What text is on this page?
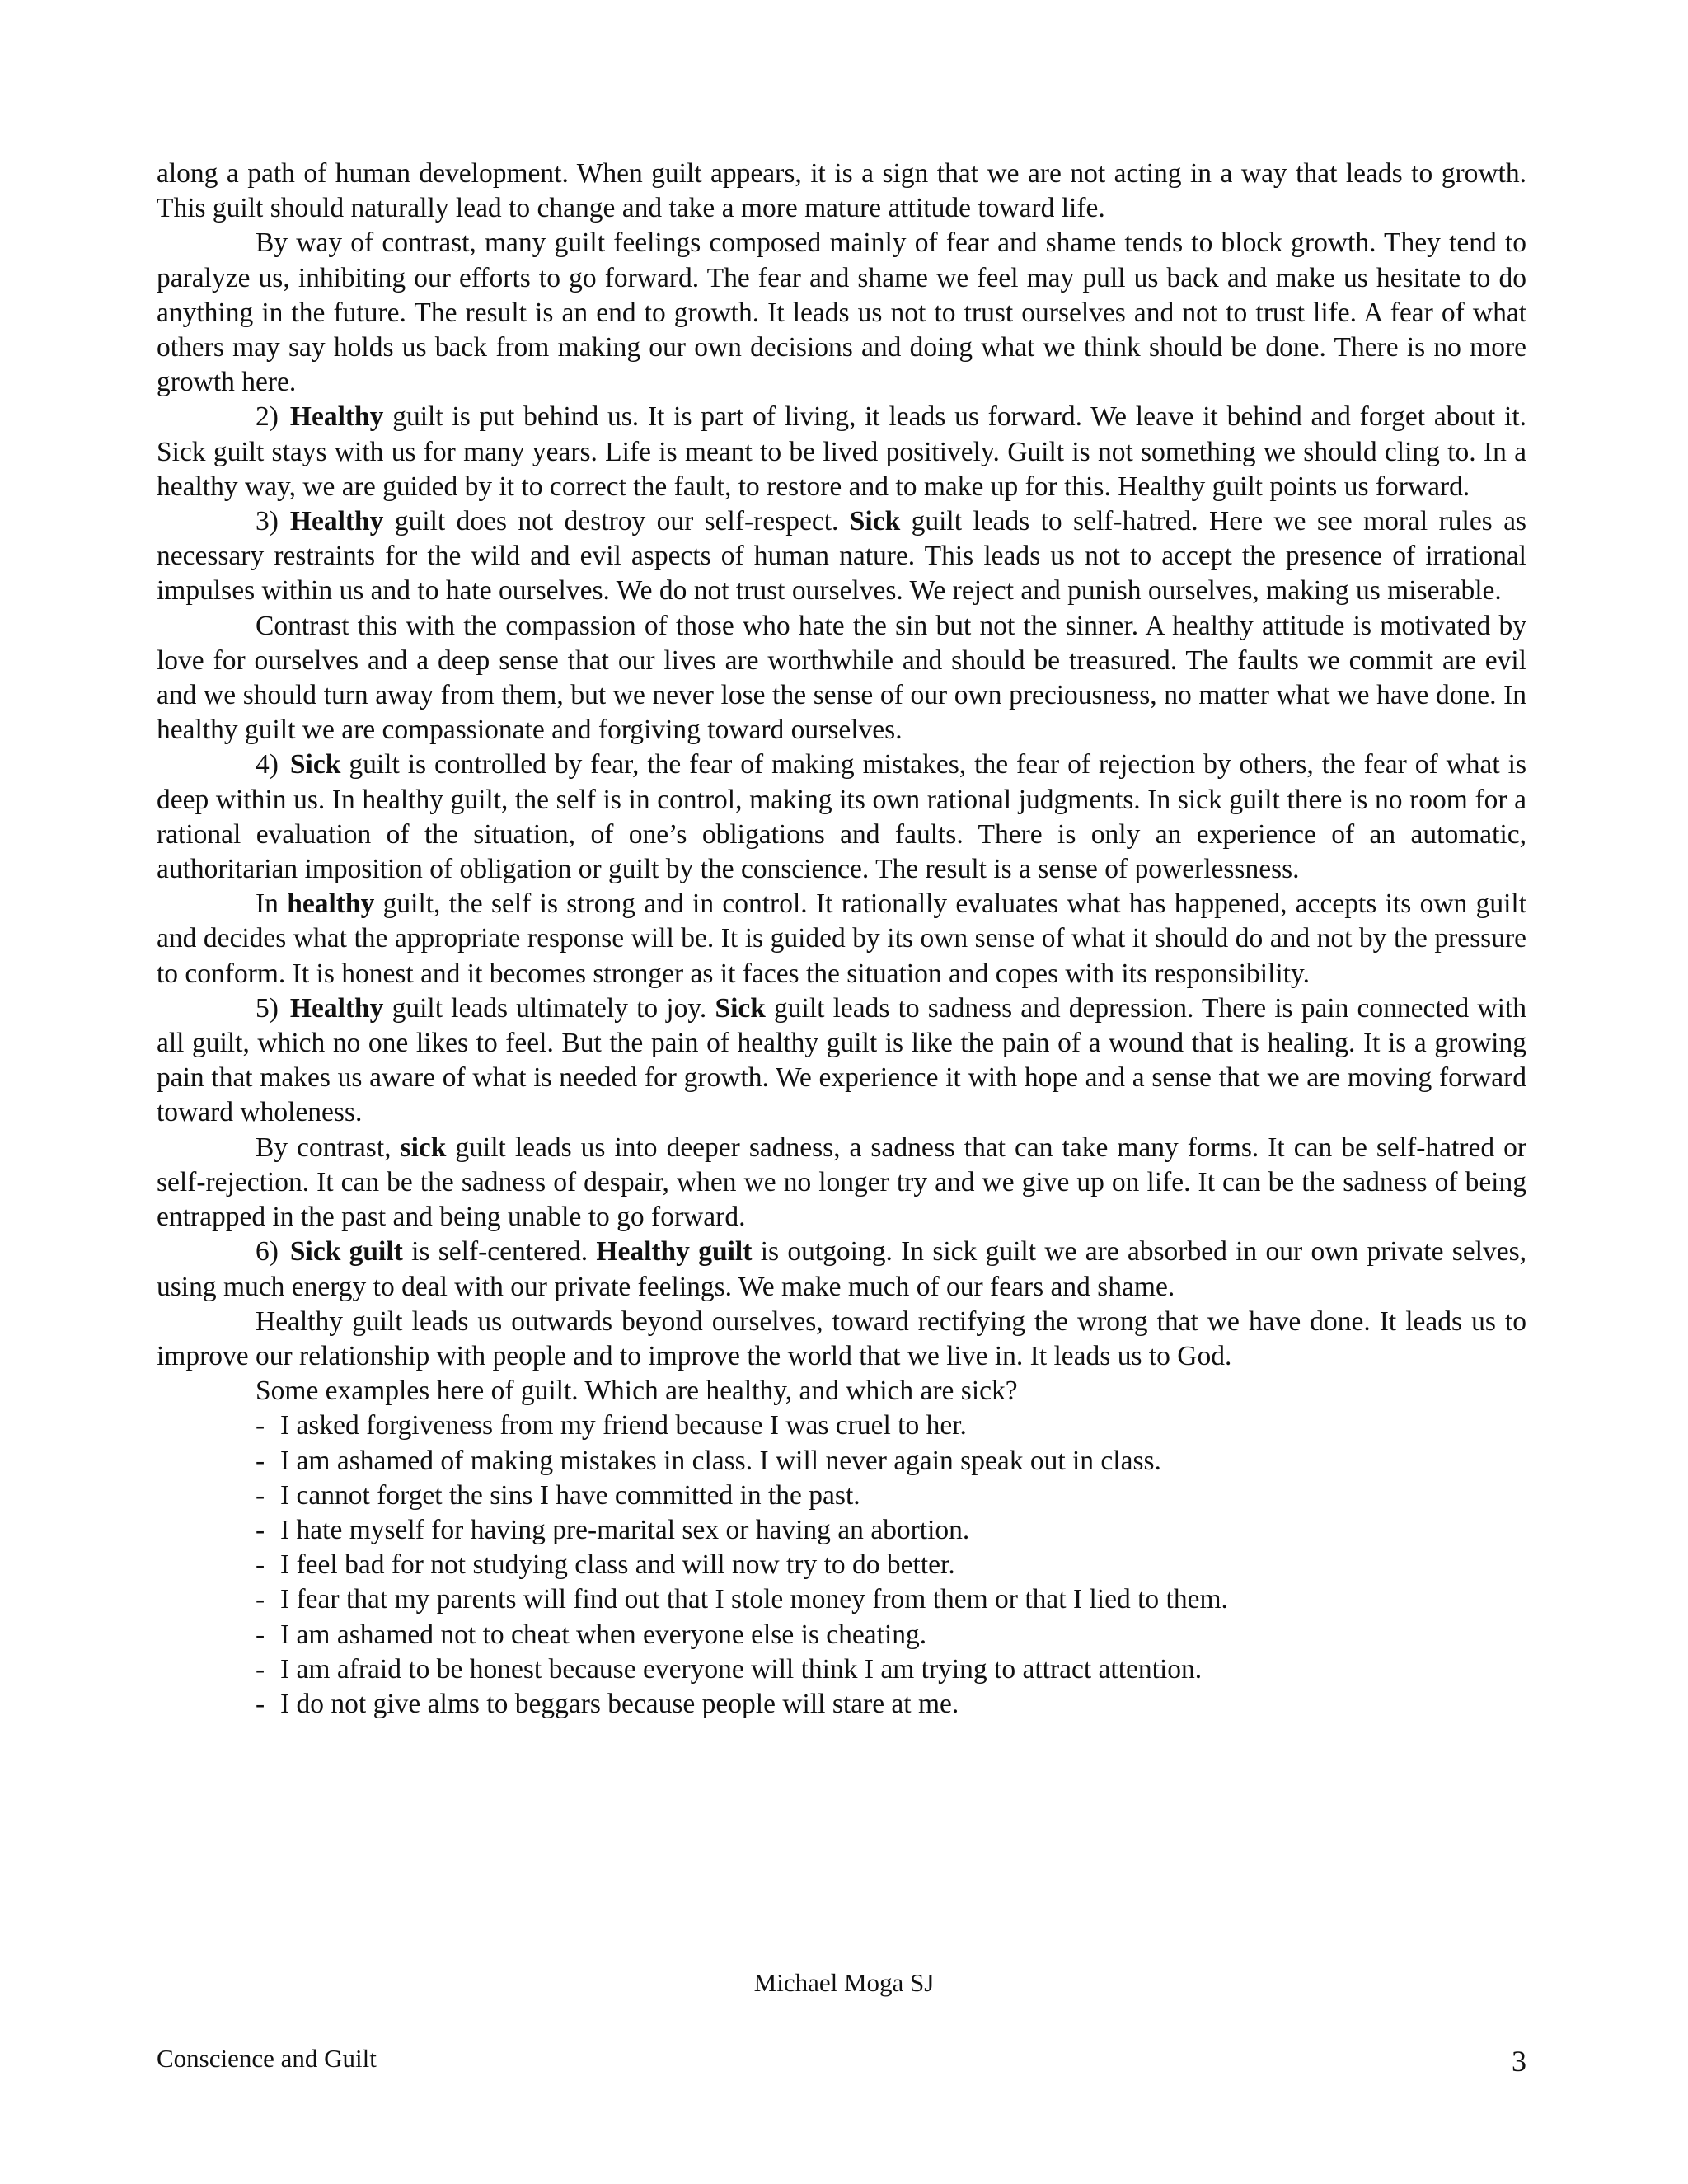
along a path of human development. When guilt appears, it is a sign that we are not acting in a way that leads to growth. This guilt should naturally lead to change and take a more mature attitude toward life.

By way of contrast, many guilt feelings composed mainly of fear and shame tends to block growth. They tend to paralyze us, inhibiting our efforts to go forward. The fear and shame we feel may pull us back and make us hesitate to do anything in the future. The result is an end to growth. It leads us not to trust ourselves and not to trust life. A fear of what others may say holds us back from making our own decisions and doing what we think should be done. There is no more growth here.

2) Healthy guilt is put behind us. It is part of living, it leads us forward. We leave it behind and forget about it. Sick guilt stays with us for many years. Life is meant to be lived positively. Guilt is not something we should cling to. In a healthy way, we are guided by it to correct the fault, to restore and to make up for this. Healthy guilt points us forward.

3) Healthy guilt does not destroy our self-respect. Sick guilt leads to self-hatred. Here we see moral rules as necessary restraints for the wild and evil aspects of human nature. This leads us not to accept the presence of irrational impulses within us and to hate ourselves. We do not trust ourselves. We reject and punish ourselves, making us miserable.

Contrast this with the compassion of those who hate the sin but not the sinner. A healthy attitude is motivated by love for ourselves and a deep sense that our lives are worthwhile and should be treasured. The faults we commit are evil and we should turn away from them, but we never lose the sense of our own preciousness, no matter what we have done. In healthy guilt we are compassionate and forgiving toward ourselves.

4) Sick guilt is controlled by fear, the fear of making mistakes, the fear of rejection by others, the fear of what is deep within us. In healthy guilt, the self is in control, making its own rational judgments. In sick guilt there is no room for a rational evaluation of the situation, of one’s obligations and faults. There is only an experience of an automatic, authoritarian imposition of obligation or guilt by the conscience. The result is a sense of powerlessness.

In healthy guilt, the self is strong and in control. It rationally evaluates what has happened, accepts its own guilt and decides what the appropriate response will be. It is guided by its own sense of what it should do and not by the pressure to conform. It is honest and it becomes stronger as it faces the situation and copes with its responsibility.

5) Healthy guilt leads ultimately to joy. Sick guilt leads to sadness and depression. There is pain connected with all guilt, which no one likes to feel. But the pain of healthy guilt is like the pain of a wound that is healing. It is a growing pain that makes us aware of what is needed for growth. We experience it with hope and a sense that we are moving forward toward wholeness.

By contrast, sick guilt leads us into deeper sadness, a sadness that can take many forms. It can be self-hatred or self-rejection. It can be the sadness of despair, when we no longer try and we give up on life. It can be the sadness of being entrapped in the past and being unable to go forward.

6) Sick guilt is self-centered. Healthy guilt is outgoing. In sick guilt we are absorbed in our own private selves, using much energy to deal with our private feelings. We make much of our fears and shame.

Healthy guilt leads us outwards beyond ourselves, toward rectifying the wrong that we have done. It leads us to improve our relationship with people and to improve the world that we live in. It leads us to God.

Some examples here of guilt. Which are healthy, and which are sick?

- I asked forgiveness from my friend because I was cruel to her.
- I am ashamed of making mistakes in class. I will never again speak out in class.
- I cannot forget the sins I have committed in the past.
- I hate myself for having pre-marital sex or having an abortion.
- I feel bad for not studying class and will now try to do better.
- I fear that my parents will find out that I stole money from them or that I lied to them.
- I am ashamed not to cheat when everyone else is cheating.
- I am afraid to be honest because everyone will think I am trying to attract attention.
- I do not give alms to beggars because people will stare at me.
Michael Moga SJ
Conscience and Guilt	3
